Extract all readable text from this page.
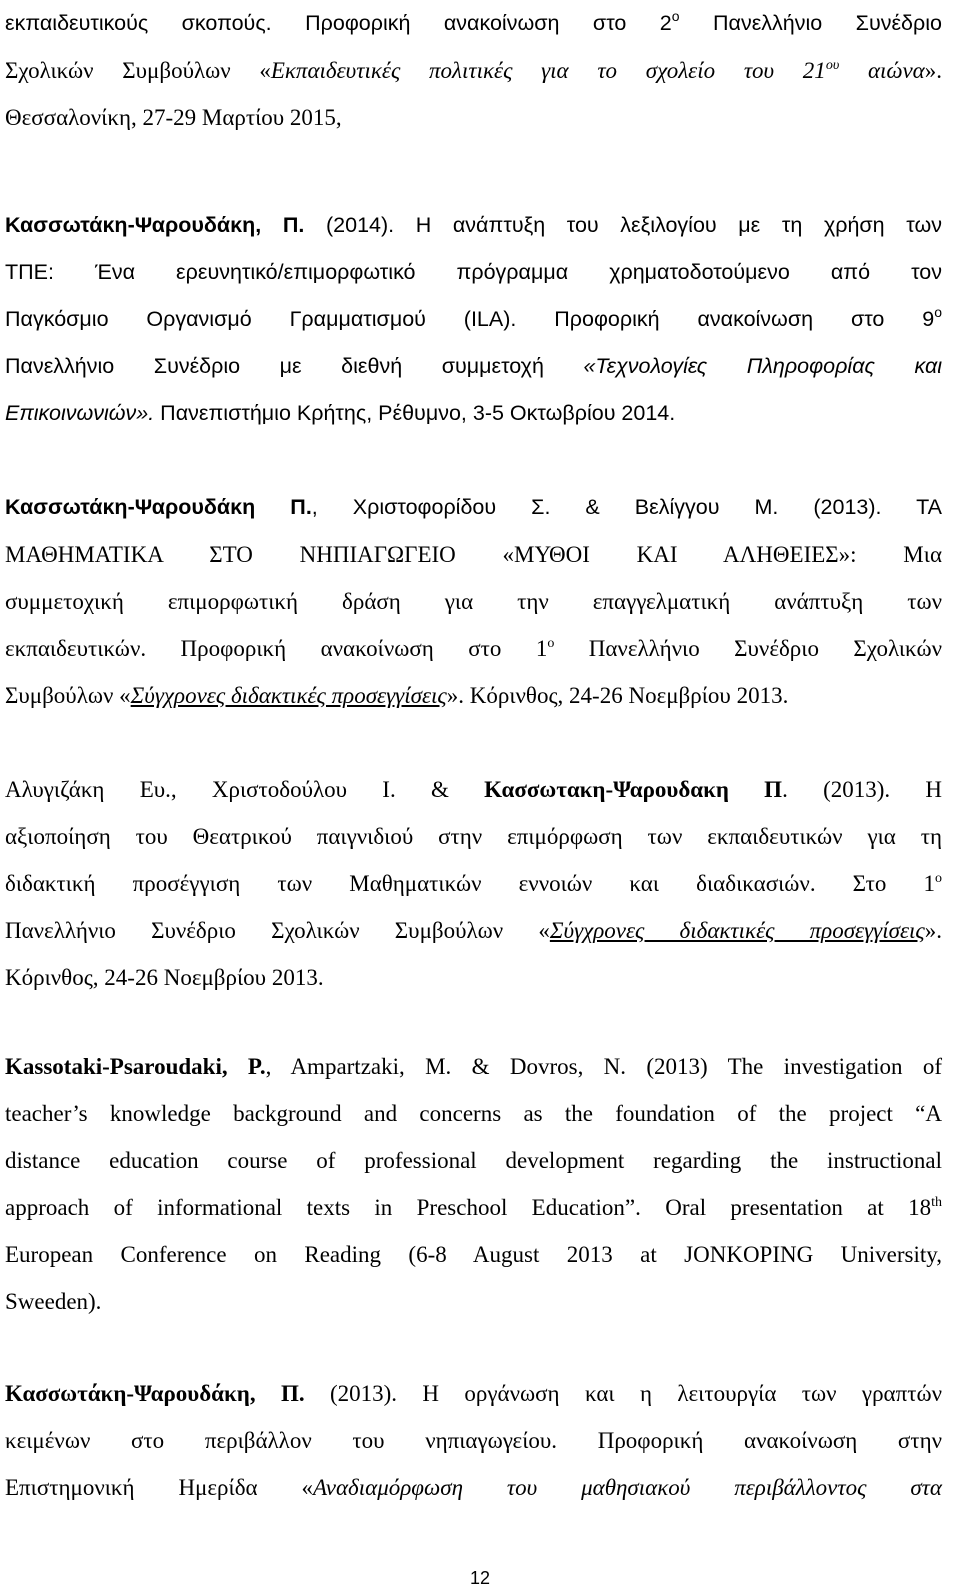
εκπαιδευτικούς σκοπούς. Προφορική ανακοίνωση στο $2^o$ Πανελλήνιο Συνέδριο
Σχολικών Συμβούλων «Εκπαιδευτικές πολιτικές για το σχολείο του $21^{o\upsilon}$ αιώνα».
Θεσσαλονίκη, 27-29 Μαρτίου 2015,
Κασσωτάκη-Ψαρουδάκη, Π. (2014). Η ανάπτυξη του λεξιλογίου με τη χρήση των
ΤΠΕ: Ένα ερευνητικό/επιμορφωτικό πρόγραμμα χρηματοδοτούμενο από τον
Παγκόσμιο Οργανισμό Γραμματισμού (ILA). Προφορική ανακοίνωση στο $9^o$
Πανελλήνιο Συνέδριο με διεθνή συμμετοχή «Τεχνολογίες Πληροφορίας και
Επικοινωνιών». Πανεπιστήμιο Κρήτης, Ρέθυμνο, 3-5 Οκτωβρίου 2014.
Κασσωτάκη-Ψαρουδάκη Π., Χριστοφορίδου Σ. & Βελίγγου Μ. (2013). ΤΑ
ΜΑΘΗΜΑΤΙΚΑ ΣΤΟ ΝΗΠΙΑΓΩΓΕΙΟ «ΜΥΘΟΙ ΚΑΙ ΑΛΗΘΕΙΕΣ»: Μια
συμμετοχική επιμορφωτική δράση για την επαγγελματική ανάπτυξη των
εκπαιδευτικών. Προφορική ανακοίνωση στο $1^o$ Πανελλήνιο Συνέδριο Σχολικών
Συμβούλων «Σύγχρονες διδακτικές προσεγγίσεις». Κόρινθος, 24-26 Νοεμβρίου 2013.
Αλυγιζάκη Ευ., Χριστοδούλου Ι. & Κασσωτακη-Ψαρουδακη Π. (2013). Η
αξιοποίηση του Θεατρικού παιγνιδιού στην επιμόρφωση των εκπαιδευτικών για τη
διδακτική προσέγγιση των Μαθηματικών εννοιών και διαδικασιών. Στο $1^o$
Πανελλήνιο Συνέδριο Σχολικών Συμβούλων «Σύγχρονες διδακτικές προσεγγίσεις».
Κόρινθος, 24-26 Νοεμβρίου 2013.
Kassotaki-Psaroudaki, P., Ampartzaki, M. & Dovros, N. (2013) The investigation of
teacher’s knowledge background and concerns as the foundation of the project “A
distance education course of professional development regarding the instructional
approach of informational texts in Preschool Education”. Oral presentation at 18th
European Conference on Reading (6-8 August 2013 at JONKOPING University,
Sweeden).
Κασσωτάκη-Ψαρουδάκη, Π. (2013). Η οργάνωση και η λειτουργία των γραπτών
κειμένων στο περιβάλλον του νηπιαγωγείου. Προφορική ανακοίνωση στην
Επιστημονική Ημερίδα «Αναδιαμόρφωση του μαθησιακού περιβάλλοντος στα
12
